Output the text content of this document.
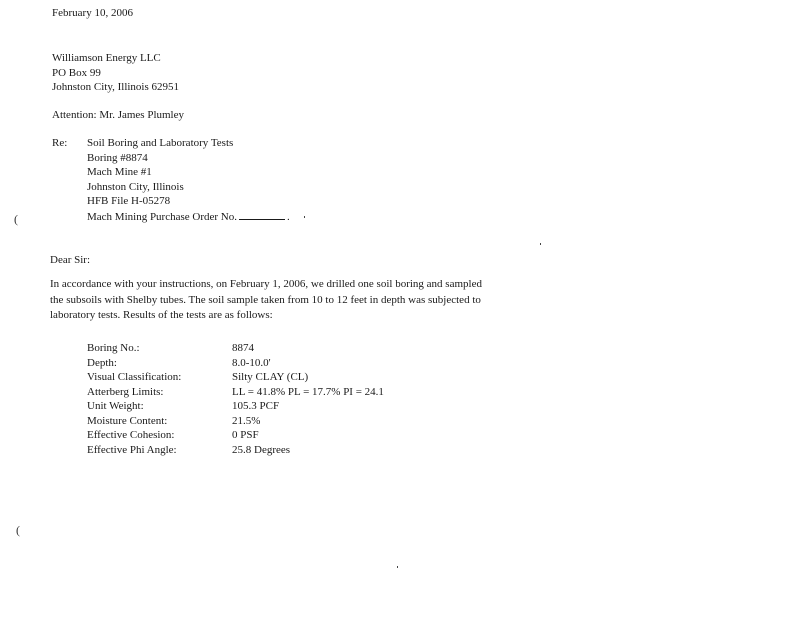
February 10, 2006
Williamson Energy LLC
PO Box 99
Johnston City, Illinois 62951
Attention: Mr. James Plumley
Re: Soil Boring and Laboratory Tests
Boring #8874
Mach Mine #1
Johnston City, Illinois
HFB File H-05278
Mach Mining Purchase Order No.	.
Dear Sir:
In accordance with your instructions, on February 1, 2006, we drilled one soil boring and sampled
the subsoils with Shelby tubes. The soil sample taken from 10 to 12 feet in depth was subjected to
laboratory tests. Results of the tests are as follows:
Boring No.:	8874
Depth:	8.0-10.0'
Visual Classification:	Silty CLAY (CL)
Atterberg Limits:	LL = 41.8% PL = 17.7% PI = 24.1
Unit Weight:	105.3 PCF
Moisture Content:	21.5%
Effective Cohesion:	0 PSF
Effective Phi Angle:	25.8 Degrees
(
(
